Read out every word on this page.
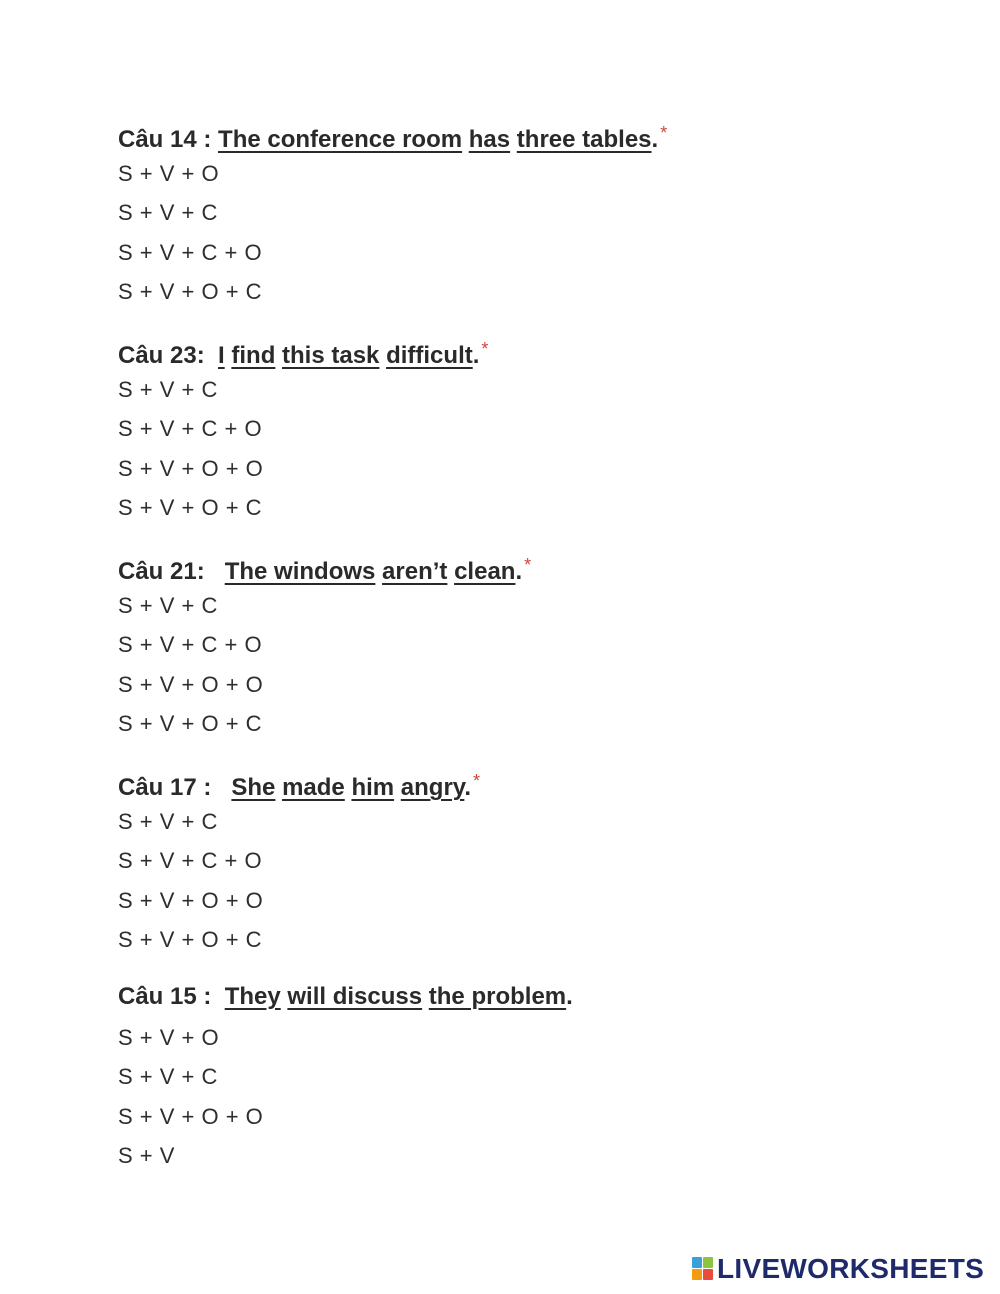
Câu 14 : The conference room has three tables. *
S + V + O
S + V + C
S + V + C + O
S + V + O + C
Câu 23:  I find this task difficult. *
S + V + C
S + V + C + O
S + V + O + O
S + V + O + C
Câu 21:   The windows aren’t clean. *
S + V + C
S + V + C + O
S + V + O + O
S + V + O + C
Câu 17 :   She made him angry. *
S + V + C
S + V + C + O
S + V + O + O
S + V + O + C
Câu 15 :  They will discuss the problem.
S + V + O
S + V + C
S + V + O + O
S + V
LIVEWORKSHEETS
